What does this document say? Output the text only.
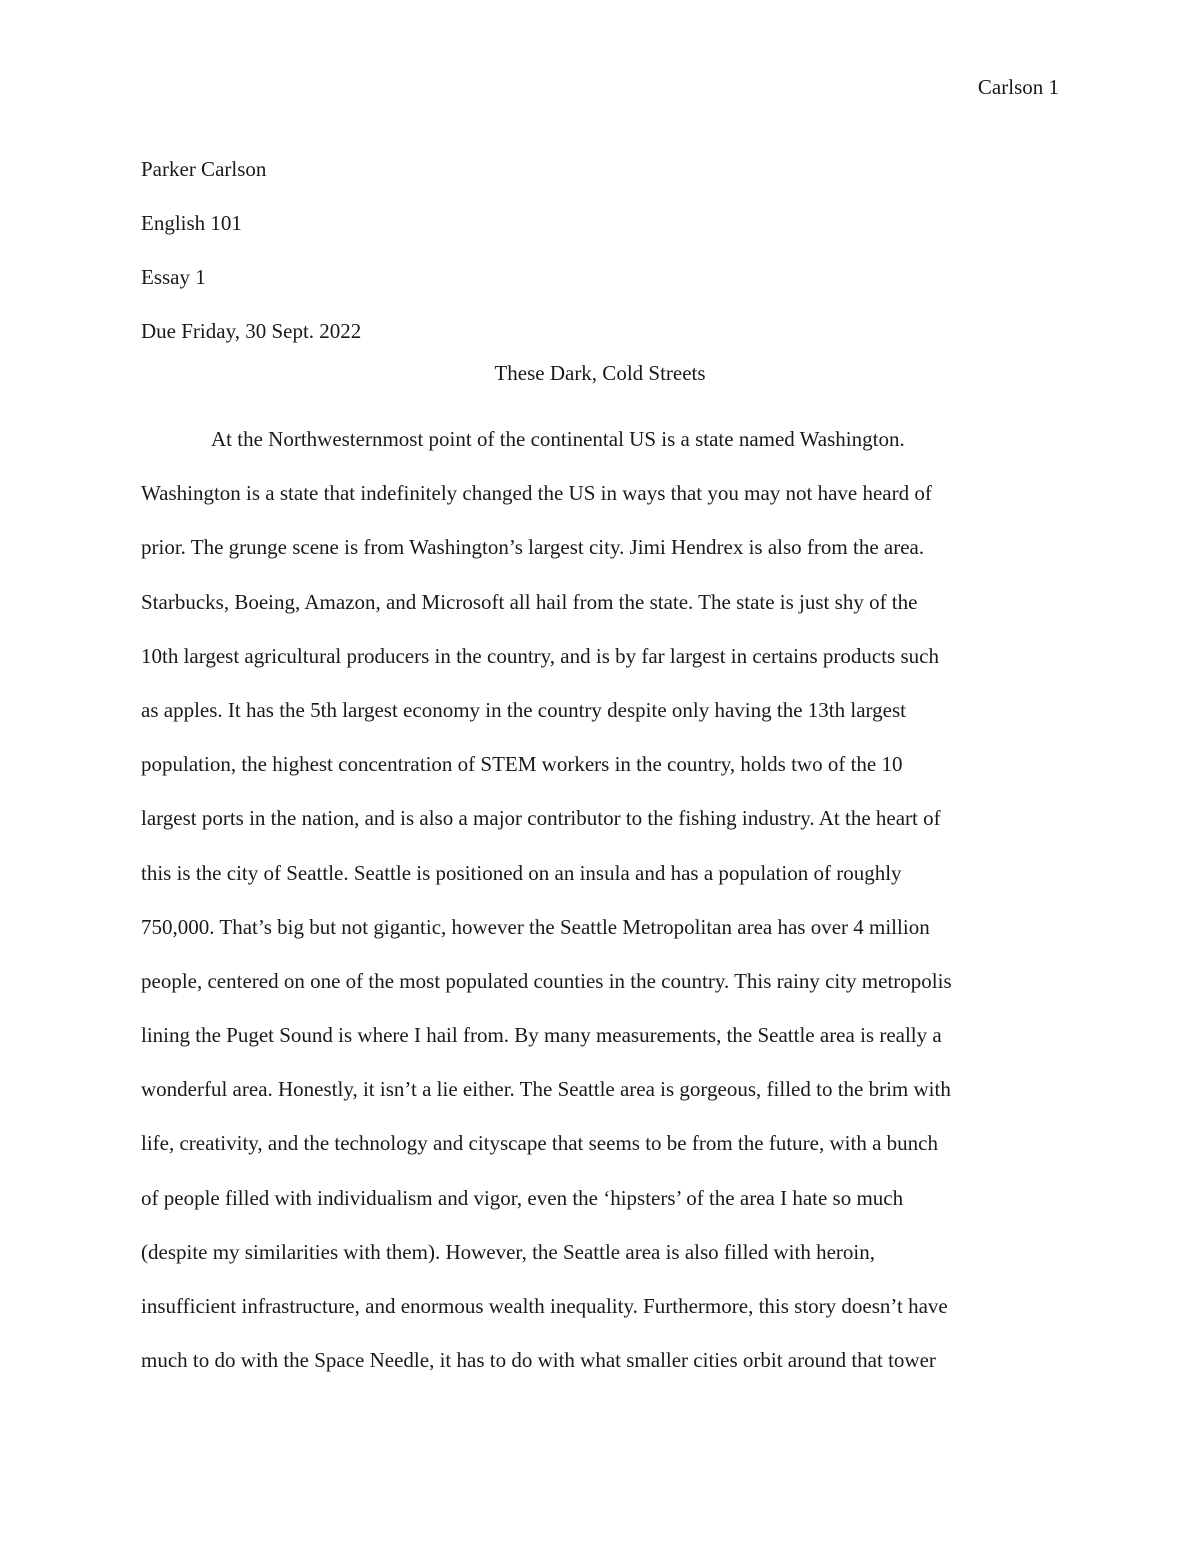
Carlson 1
Parker Carlson
English 101
Essay 1
Due Friday, 30 Sept. 2022
These Dark, Cold Streets
At the Northwesternmost point of the continental US is a state named Washington.
Washington is a state that indefinitely changed the US in ways that you may not have heard of
prior. The grunge scene is from Washington’s largest city. Jimi Hendrex is also from the area.
Starbucks, Boeing, Amazon, and Microsoft all hail from the state. The state is just shy of the
10th largest agricultural producers in the country, and is by far largest in certains products such
as apples. It has the 5th largest economy in the country despite only having the 13th largest
population, the highest concentration of STEM workers in the country, holds two of the 10
largest ports in the nation, and is also a major contributor to the fishing industry. At the heart of
this is the city of Seattle. Seattle is positioned on an insula and has a population of roughly
750,000. That’s big but not gigantic, however the Seattle Metropolitan area has over 4 million
people, centered on one of the most populated counties in the country. This rainy city metropolis
lining the Puget Sound is where I hail from. By many measurements, the Seattle area is really a
wonderful area. Honestly, it isn’t a lie either. The Seattle area is gorgeous, filled to the brim with
life, creativity, and the technology and cityscape that seems to be from the future, with a bunch
of people filled with individualism and vigor, even the ‘hipsters’ of the area I hate so much
(despite my similarities with them). However, the Seattle area is also filled with heroin,
insufficient infrastructure, and enormous wealth inequality. Furthermore, this story doesn’t have
much to do with the Space Needle, it has to do with what smaller cities orbit around that tower
